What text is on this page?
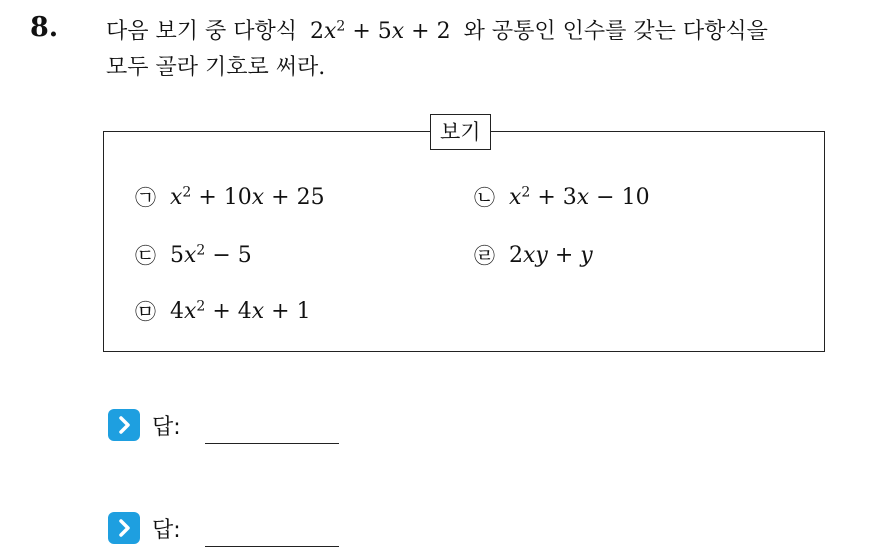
8. 다음 보기 중 다항식 $2x^2 + 5x + 2$ 와 공통인 인수를 갖는 다항식을
모두 골라 기호로 써라.
보기
㉠ $x^2 + 10x + 25$	㉡ $x^2 + 3x - 10$
㉢ $5x^2 - 5$	㉣ 2xy + y
㉤ $4x^2 + 4x + 1$
답:
답:
